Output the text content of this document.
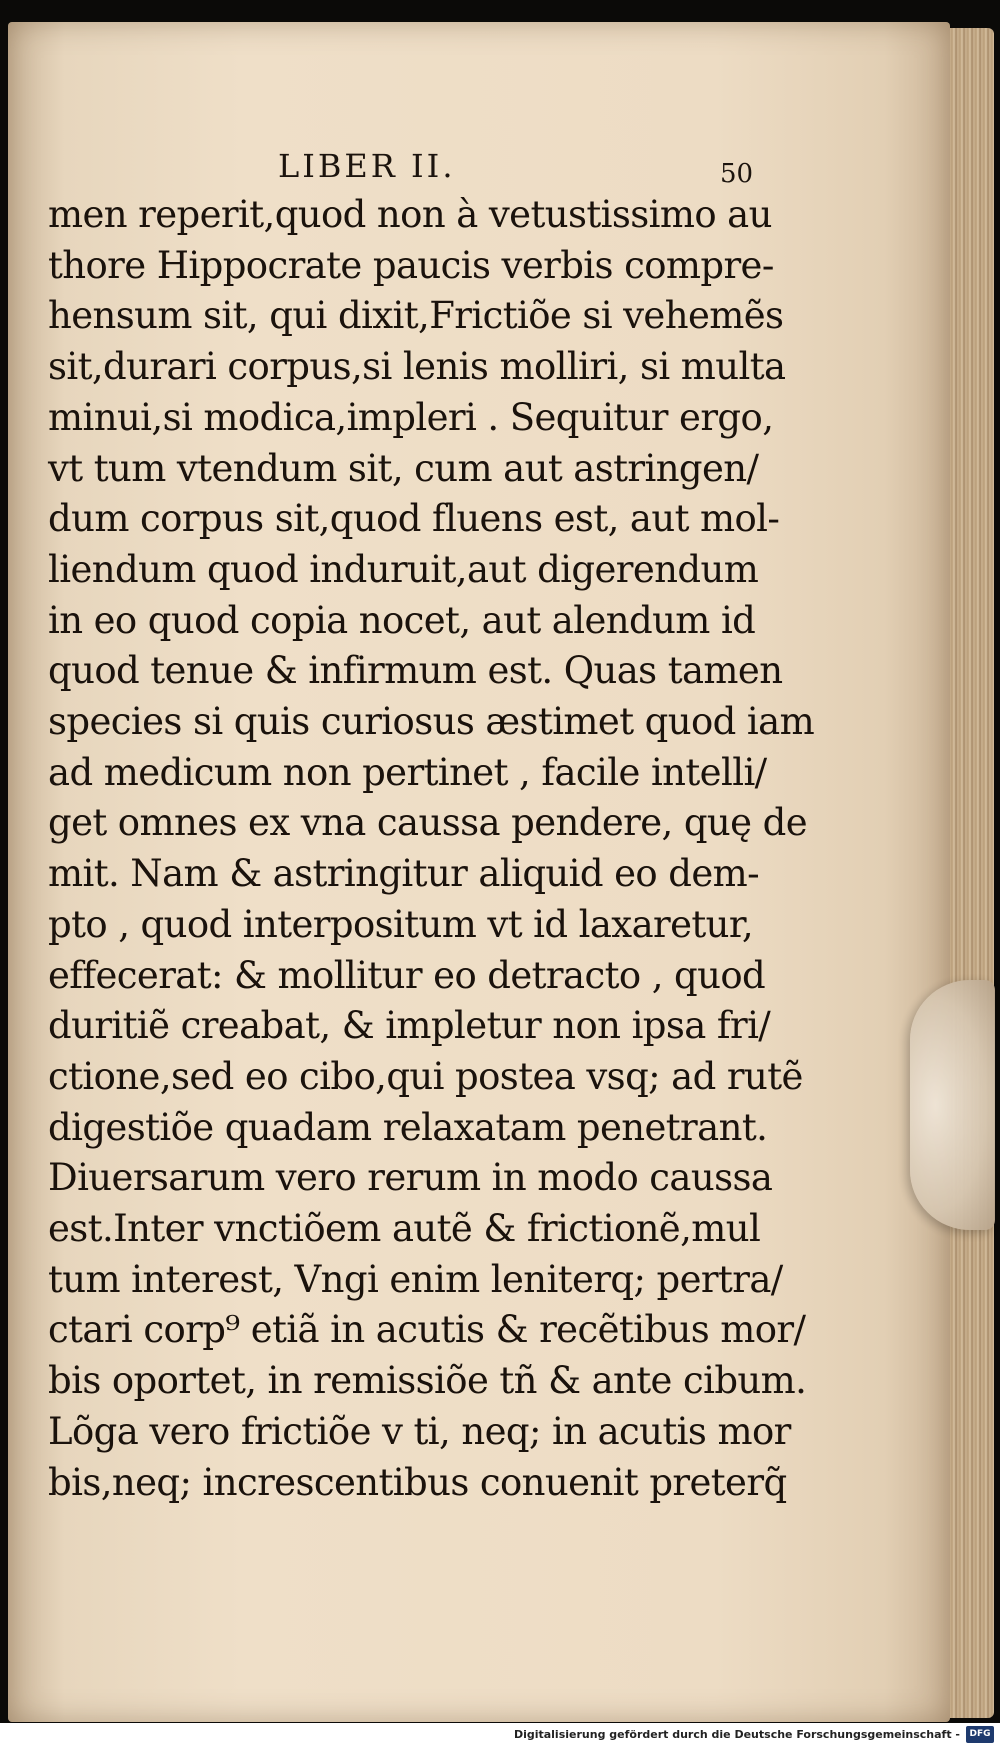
LIBER II.	50
men reperit,quod non à vetustissimo au
thore Hippocrate paucis verbis compre-
hensum sit, qui dixit,Frictiõe si vehemẽs
sit,durari corpus,si lenis molliri, si multa
minui,si modica,impleri . Sequitur ergo,
vt tum vtendum sit, cum aut astringen/
dum corpus sit,quod fluens est, aut mol-
liendum quod induruit,aut digerendum
in eo quod copia nocet, aut alendum id
quod tenue & infirmum est. Quas tamen
species si quis curiosus æstimet quod iam
ad medicum non pertinet , facile intelli/
get omnes ex vna caussa pendere, quę de
mit. Nam & astringitur aliquid eo dem-
pto , quod interpositum vt id laxaretur,
effecerat: & mollitur eo detracto , quod
duritiẽ creabat, & impletur non ipsa fri/
ctione,sed eo cibo,qui postea vsq; ad rutẽ
digestiõe quadam relaxatam penetrant.
Diuersarum vero rerum in modo caussa
est.Inter vnctiõem autẽ & frictionẽ,mul
tum interest, Vngi enim leniterq; pertra/
ctari corp⁹ etiã in acutis & recẽtibus mor/
bis oportet, in remissiõe tñ & ante cibum.
Lõga vero frictiõe v ti, neq; in acutis mor
bis,neq; increscentibus conuenit preterq̃
Digitalisierung gefördert durch die Deutsche Forschungsgemeinschaft -	DFG
